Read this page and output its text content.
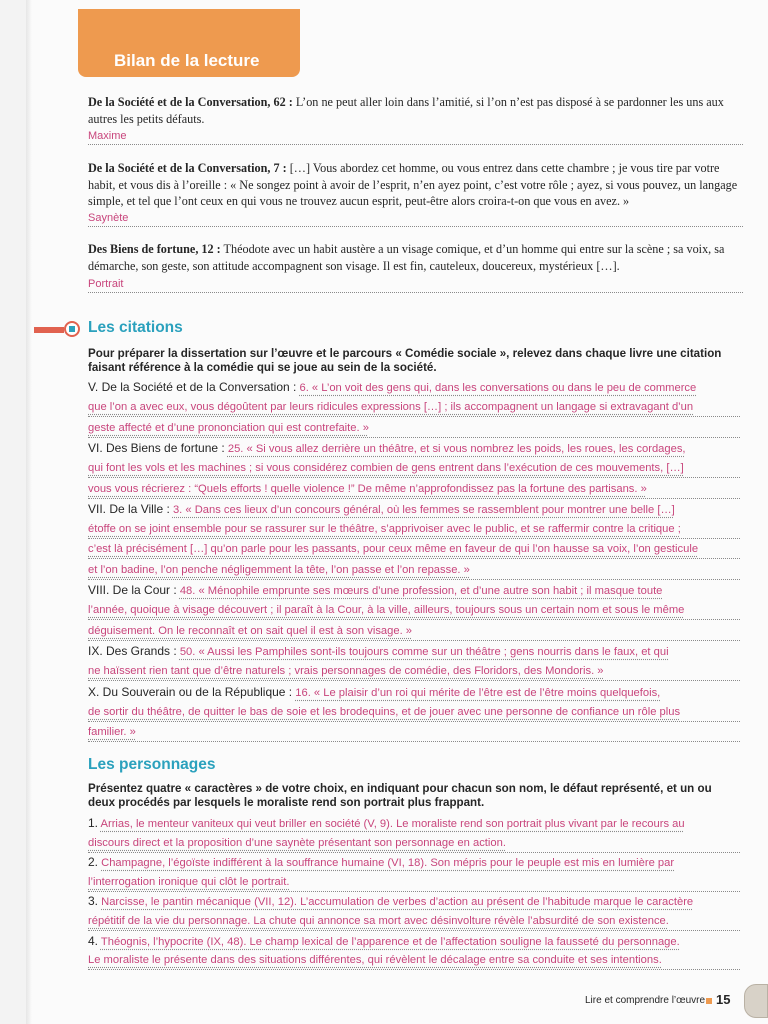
Bilan de la lecture

De la Société et de la Conversation, 62 : L’on ne peut aller loin dans l’amitié, si l’on n’est pas disposé à se pardonner les uns aux autres les petits défauts.

Maxime

De la Société et de la Conversation, 7 : […] Vous abordez cet homme, ou vous entrez dans cette chambre ; je vous tire par votre habit, et vous dis à l’oreille : « Ne songez point à avoir de l’esprit, n’en ayez point, c’est votre rôle ; ayez, si vous pouvez, un langage simple, et tel que l’ont ceux en qui vous ne trouvez aucun esprit, peut-être alors croira-t-on que vous en avez. »

Saynète

Des Biens de fortune, 12 : Théodote avec un habit austère a un visage comique, et d’un homme qui entre sur la scène ; sa voix, sa démarche, son geste, son attitude accompagnent son visage. Il est fin, cauteleux, doucereux, mystérieux […].

Portrait
Les citations

Pour préparer la dissertation sur l’œuvre et le parcours « Comédie sociale », relevez dans chaque livre une citation faisant référence à la comédie qui se joue au sein de la société.

V. De la Société et de la Conversation : 6. « L’on voit des gens qui, dans les conversations ou dans le peu de commerce
que l’on a avec eux, vous dégoûtent par leurs ridicules expressions […] ; ils accompagnent un langage si extravagant d’un
geste affecté et d’une prononciation qui est contrefaite. »
VI. Des Biens de fortune : 25. « Si vous allez derrière un théâtre, et si vous nombrez les poids, les roues, les cordages,
qui font les vols et les machines ; si vous considérez combien de gens entrent dans l’exécution de ces mouvements, […]
vous vous récrierez : “Quels efforts ! quelle violence !” De même n’approfondissez pas la fortune des partisans. »
VII. De la Ville : 3. « Dans ces lieux d’un concours général, où les femmes se rassemblent pour montrer une belle […]
étoffe on se joint ensemble pour se rassurer sur le théâtre, s’apprivoiser avec le public, et se raffermir contre la critique ;
c’est là précisément […] qu’on parle pour les passants, pour ceux même en faveur de qui l’on hausse sa voix, l’on gesticule
et l’on badine, l’on penche négligemment la tête, l’on passe et l’on repasse. »
VIII. De la Cour : 48. « Ménophile emprunte ses mœurs d’une profession, et d’une autre son habit ; il masque toute
l’année, quoique à visage découvert ; il paraît à la Cour, à la ville, ailleurs, toujours sous un certain nom et sous le même
déguisement. On le reconnaît et on sait quel il est à son visage. »
IX. Des Grands : 50. « Aussi les Pamphiles sont-ils toujours comme sur un théâtre ; gens nourris dans le faux, et qui
ne haïssent rien tant que d’être naturels ; vrais personnages de comédie, des Floridors, des Mondoris. »
X. Du Souverain ou de la République : 16. « Le plaisir d’un roi qui mérite de l’être est de l’être moins quelquefois,
de sortir du théâtre, de quitter le bas de soie et les brodequins, et de jouer avec une personne de confiance un rôle plus
familier. »
Les personnages

Présentez quatre « caractères » de votre choix, en indiquant pour chacun son nom, le défaut représenté, et un ou deux procédés par lesquels le moraliste rend son portrait plus frappant.

1. Arrias, le menteur vaniteux qui veut briller en société (V, 9). Le moraliste rend son portrait plus vivant par le recours au
discours direct et la proposition d’une saynète présentant son personnage en action.
2. Champagne, l’égoïste indifférent à la souffrance humaine (VI, 18). Son mépris pour le peuple est mis en lumière par
l’interrogation ironique qui clôt le portrait.
3. Narcisse, le pantin mécanique (VII, 12). L’accumulation de verbes d’action au présent de l’habitude marque le caractère
répétitif de la vie du personnage. La chute qui annonce sa mort avec désinvolture révèle l’absurdité de son existence.
4. Théognis, l’hypocrite (IX, 48). Le champ lexical de l’apparence et de l’affectation souligne la fausseté du personnage.
Le moraliste le présente dans des situations différentes, qui révèlent le décalage entre sa conduite et ses intentions.
Lire et comprendre l’œuvre 15
